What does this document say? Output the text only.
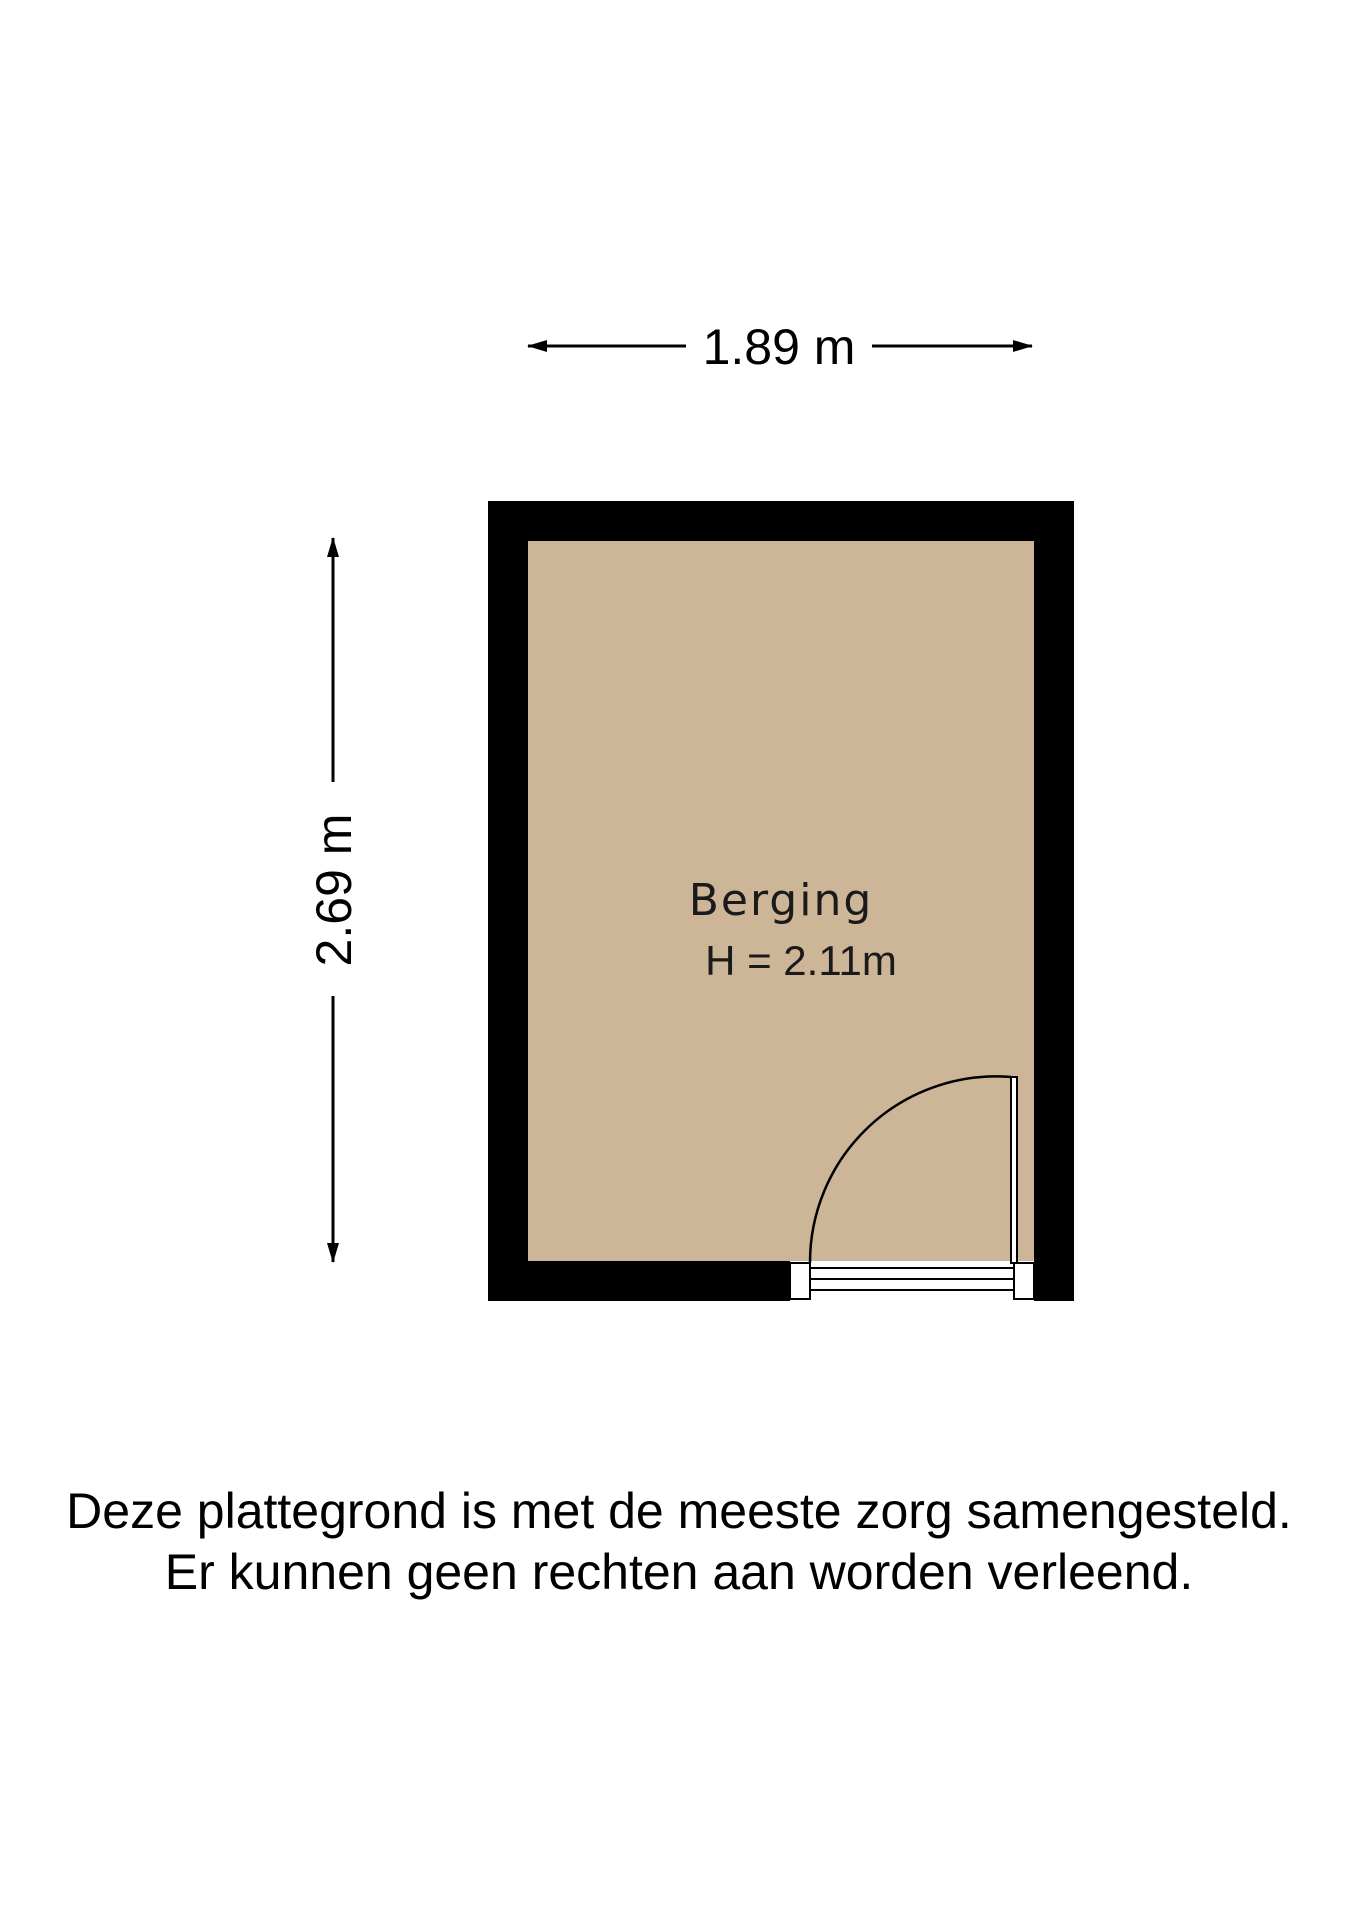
1.89 m
2.69 m	Berging
H = 2.11m
Deze plattegrond is met de meeste zorg samengesteld.
Er kunnen geen rechten aan worden verleend.
